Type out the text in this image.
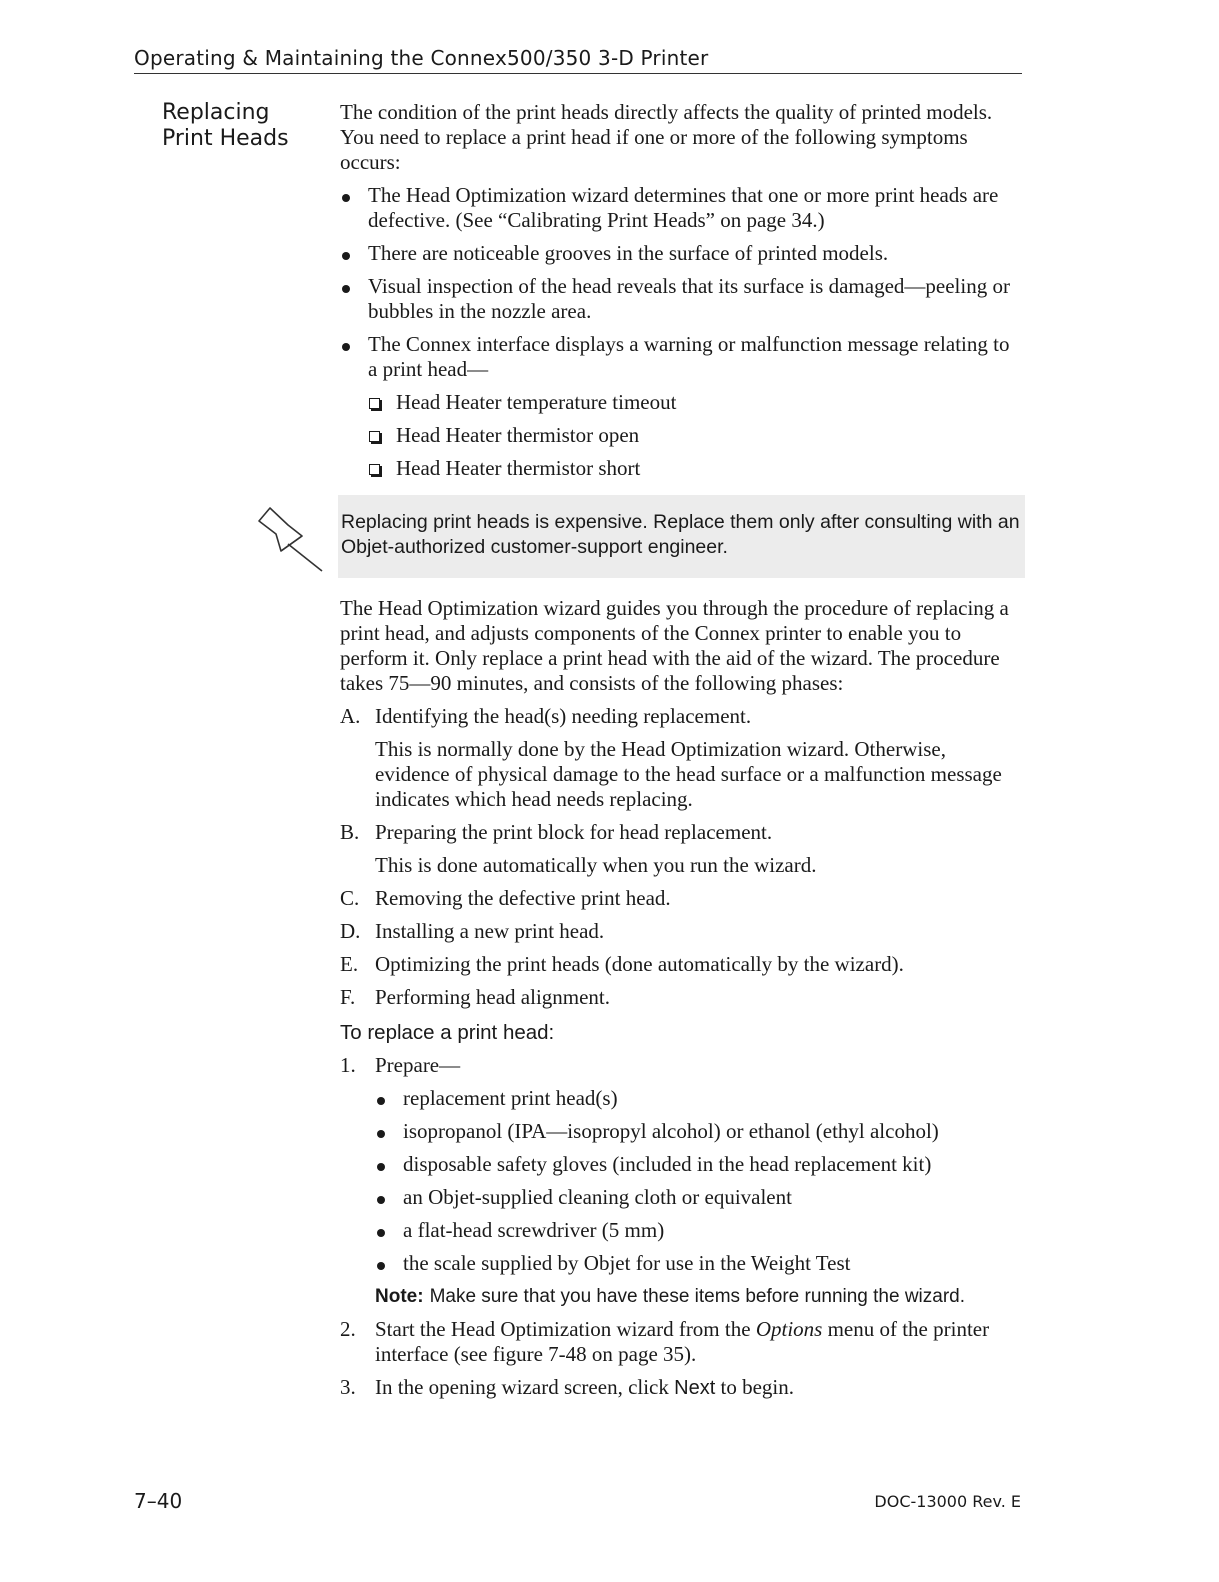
Operating & Maintaining the Connex500/350 3-D Printer
Replacing
Print Heads

The condition of the print heads directly affects the quality of printed models. You need to replace a print head if one or more of the following symptoms occurs:

The Head Optimization wizard determines that one or more print heads are defective. (See “Calibrating Print Heads” on page 34.)
There are noticeable grooves in the surface of printed models.
Visual inspection of the head reveals that its surface is damaged—peeling or bubbles in the nozzle area.
The Connex interface displays a warning or malfunction message relating to a print head—
Head Heater temperature timeout
Head Heater thermistor open
Head Heater thermistor short
Replacing print heads is expensive. Replace them only after consulting with an Objet-authorized customer-support engineer.

The Head Optimization wizard guides you through the procedure of replacing a print head, and adjusts components of the Connex printer to enable you to perform it. Only replace a print head with the aid of the wizard. The procedure takes 75—90 minutes, and consists of the following phases:

A. Identifying the head(s) needing replacement.
This is normally done by the Head Optimization wizard. Otherwise, evidence of physical damage to the head surface or a malfunction message indicates which head needs replacing.
B. Preparing the print block for head replacement.
This is done automatically when you run the wizard.
C. Removing the defective print head.
D. Installing a new print head.
E. Optimizing the print heads (done automatically by the wizard).
F. Performing head alignment.
To replace a print head:
1. Prepare—
replacement print head(s)
isopropanol (IPA—isopropyl alcohol) or ethanol (ethyl alcohol)
disposable safety gloves (included in the head replacement kit)
an Objet-supplied cleaning cloth or equivalent
a flat-head screwdriver (5 mm)
the scale supplied by Objet for use in the Weight Test
Note: Make sure that you have these items before running the wizard.
2. Start the Head Optimization wizard from the Options menu of the printer interface (see figure 7-48 on page 35).
3. In the opening wizard screen, click Next to begin.
7–40	DOC-13000 Rev. E
